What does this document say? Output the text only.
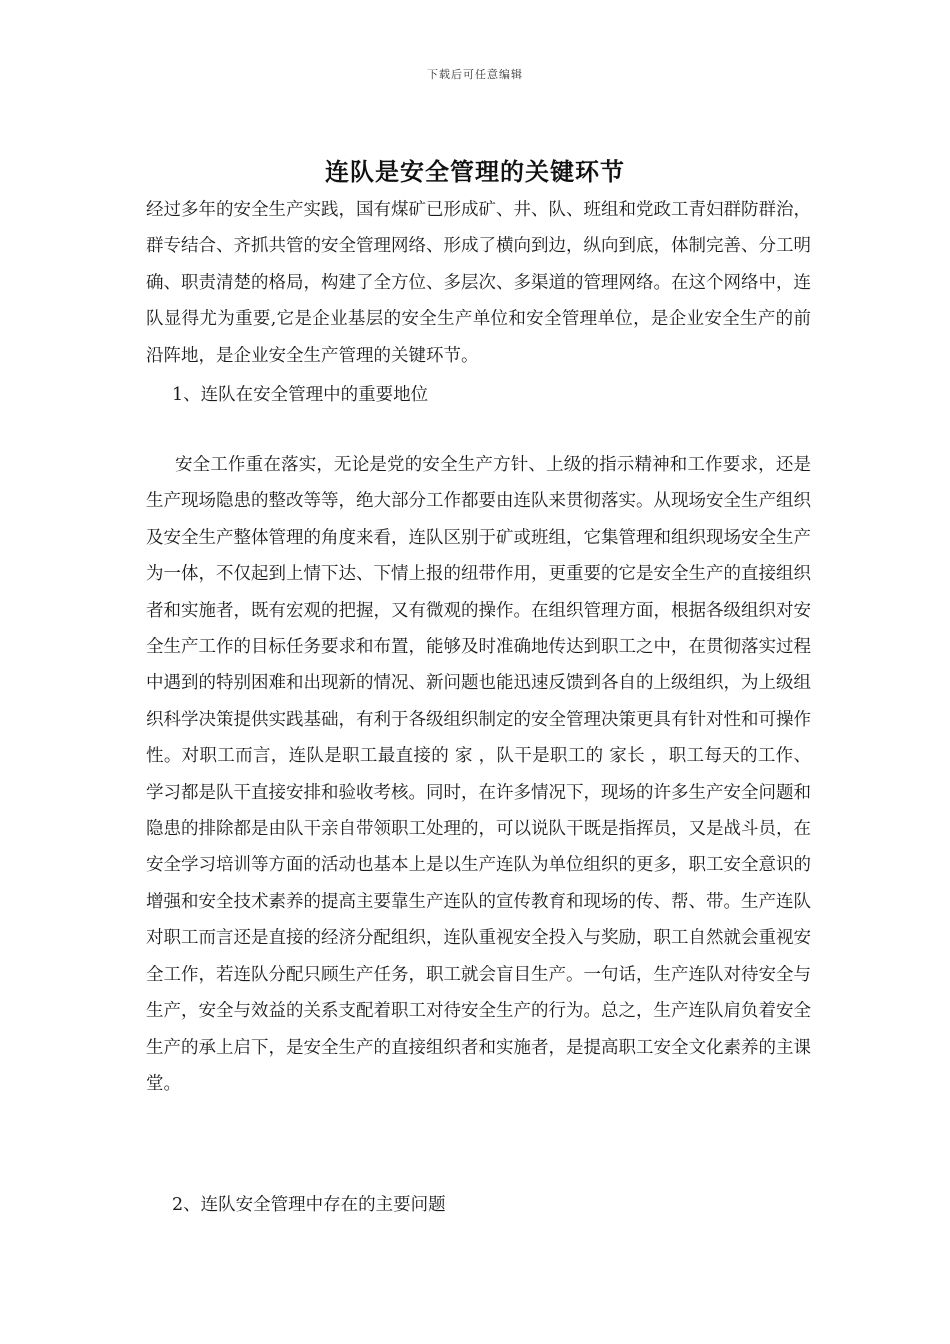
下载后可任意编辑
连队是安全管理的关键环节
经过多年的安全生产实践，国有煤矿已形成矿、井、队、班组和党政工青妇群防群治，群专结合、齐抓共管的安全管理网络、形成了横向到边，纵向到底，体制完善、分工明确、职责清楚的格局，构建了全方位、多层次、多渠道的管理网络。在这个网络中，连队显得尤为重要,它是企业基层的安全生产单位和安全管理单位，是企业安全生产的前沿阵地，是企业安全生产管理的关键环节。
1、连队在安全管理中的重要地位
安全工作重在落实，无论是党的安全生产方针、上级的指示精神和工作要求，还是生产现场隐患的整改等等，绝大部分工作都要由连队来贯彻落实。从现场安全生产组织及安全生产整体管理的角度来看，连队区别于矿或班组，它集管理和组织现场安全生产为一体，不仅起到上情下达、下情上报的纽带作用，更重要的它是安全生产的直接组织者和实施者，既有宏观的把握，又有微观的操作。在组织管理方面，根据各级组织对安全生产工作的目标任务要求和布置，能够及时准确地传达到职工之中，在贯彻落实过程中遇到的特别困难和出现新的情况、新问题也能迅速反馈到各自的上级组织，为上级组织科学决策提供实践基础，有利于各级组织制定的安全管理决策更具有针对性和可操作性。对职工而言，连队是职工最直接的 家 ，队干是职工的 家长 ，职工每天的工作、学习都是队干直接安排和验收考核。同时，在许多情况下，现场的许多生产安全问题和隐患的排除都是由队干亲自带领职工处理的，可以说队干既是指挥员，又是战斗员，在安全学习培训等方面的活动也基本上是以生产连队为单位组织的更多，职工安全意识的增强和安全技术素养的提高主要靠生产连队的宣传教育和现场的传、帮、带。生产连队对职工而言还是直接的经济分配组织，连队重视安全投入与奖励，职工自然就会重视安全工作，若连队分配只顾生产任务，职工就会盲目生产。一句话，生产连队对待安全与生产，安全与效益的关系支配着职工对待安全生产的行为。总之，生产连队肩负着安全生产的承上启下，是安全生产的直接组织者和实施者，是提高职工安全文化素养的主课堂。
2、连队安全管理中存在的主要问题
